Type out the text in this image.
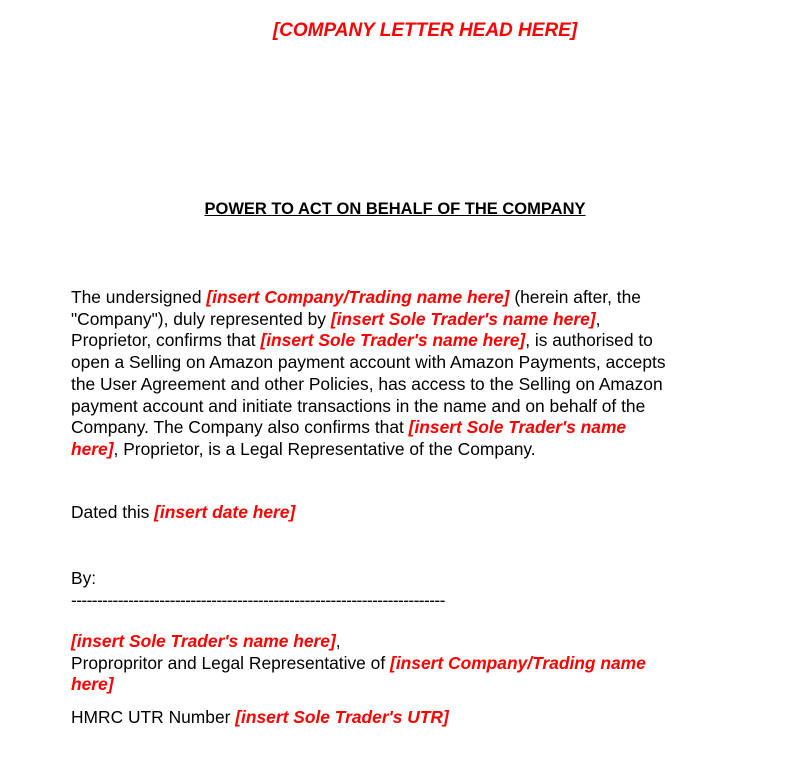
[COMPANY LETTER HEAD HERE]
POWER TO ACT ON BEHALF OF THE COMPANY
The undersigned [insert Company/Trading name here] (herein after, the
"Company"), duly represented by [insert Sole Trader's name here],
Proprietor, confirms that [insert Sole Trader's name here], is authorised to
open a Selling on Amazon payment account with Amazon Payments, accepts
the User Agreement and other Policies, has access to the Selling on Amazon
payment account and initiate transactions in the name and on behalf of the
Company. The Company also confirms that [insert Sole Trader's name
here], Proprietor, is a Legal Representative of the Company.
Dated this [insert date here]
By:
------------------------------------------------------------------------
[insert Sole Trader's name here],
Propropritor and Legal Representative of [insert Company/Trading name
here]
HMRC UTR Number [insert Sole Trader's UTR]
